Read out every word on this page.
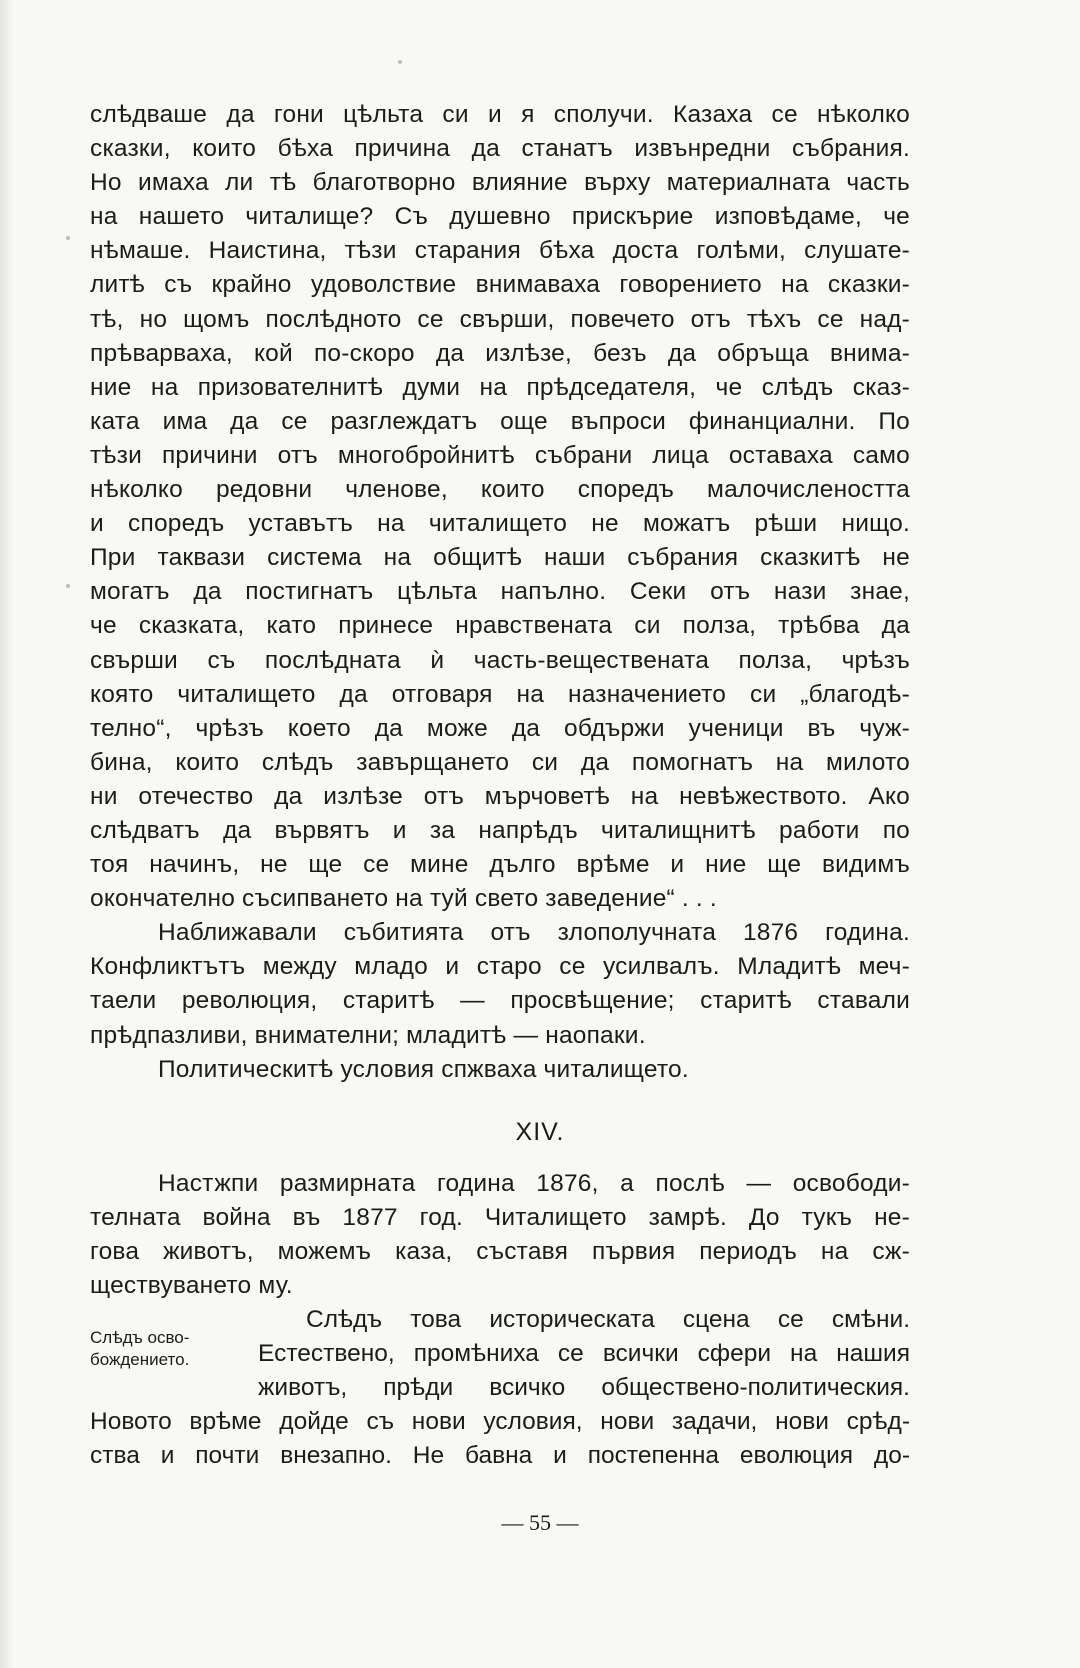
слѣдваше да гони цѣльта си и я сполучи. Казаха се нѣколко
сказки, които бѣха причина да станатъ извънредни събрания.
Но имаха ли тѣ благотворно влияние върху материалната часть
на нашето читалище? Съ душевно прискърие изповѣдаме, че
нѣмаше. Наистина, тѣзи старания бѣха доста голѣми, слушате-
литѣ съ крайно удоволствие внимаваха говорението на сказки-
тѣ, но щомъ послѣдното се свърши, повечето отъ тѣхъ се над-
прѣварваха, кой по-скоро да излѣзе, безъ да обръща внима-
ние на призователнитѣ думи на прѣдседателя, че слѣдъ сказ-
ката има да се разглеждатъ още въпроси финанциални. По
тѣзи причини отъ многобройнитѣ събрани лица оставаха само
нѣколко редовни членове, които споредъ малочислеността
и споредъ уставътъ на читалището не можатъ рѣши нищо.
При таквази система на общитѣ наши събрания сказкитѣ не
могатъ да постигнатъ цѣльта напълно. Секи отъ нази знае,
че сказката, като принесе нравствената си полза, трѣбва да
свърши съ послѣдната ѝ часть-веществената полза, чрѣзъ
която читалището да отговаря на назначението си „благодѣ-
телно“, чрѣзъ което да може да обдържи ученици въ чуж-
бина, които слѣдъ завърщането си да помогнатъ на милото
ни отечество да излѣзе отъ мърчоветѣ на невѣжеството. Ако
слѣдватъ да вървятъ и за напрѣдъ читалищнитѣ работи по
тоя начинъ, не ще се мине дълго врѣме и ние ще видимъ
окончателно съсипването на туй свето заведение“ . . .
Наближавали събитията отъ злополучната 1876 година.
Конфликтътъ между младо и старо се усилвалъ. Младитѣ меч-
таели революция, старитѣ — просвѣщение; старитѣ ставали
прѣдпазливи, внимателни; младитѣ — наопаки.
Политическитѣ условия спжваха читалището.
XIV.
Настжпи размирната година 1876, а послѣ — освободи-
телната война въ 1877 год. Читалището замрѣ. До тукъ не-
гова животъ, можемъ каза, съставя първия периодъ на сж-
ществуването му.
Слѣдъ осво-
бождението.
Слѣдъ това историческата сцена се смѣни.
Естествено, промѣниха се всички сфери на нашия
животъ, прѣди всичко обществено-политическия.
Новото врѣме дойде съ нови условия, нови задачи, нови срѣд-
ства и почти внезапно. Не бавна и постепенна еволюция до-
— 55 —
